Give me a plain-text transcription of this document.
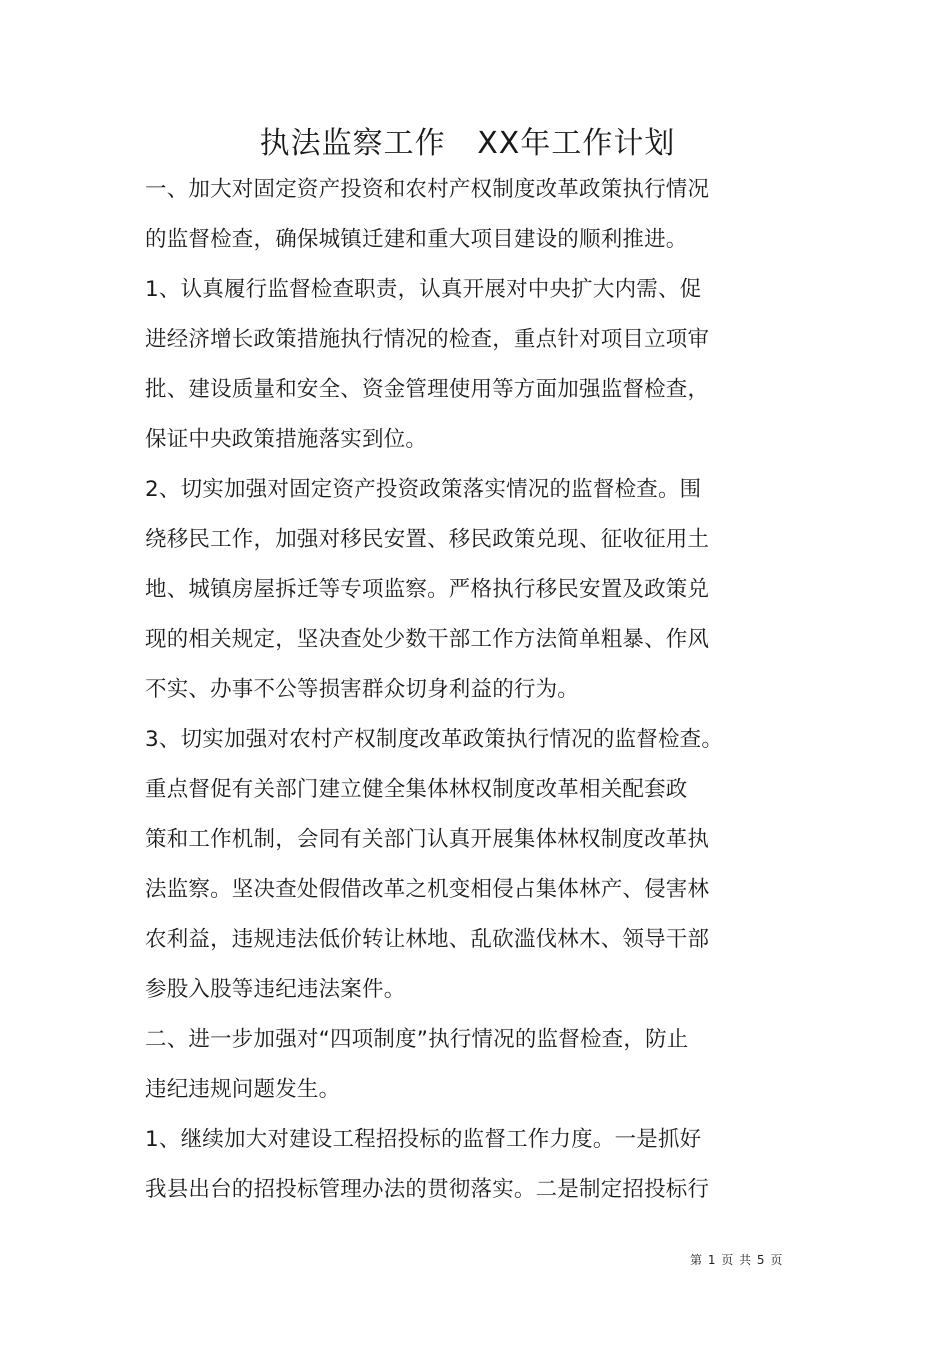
执法监察工作   XX年工作计划
一、加大对固定资产投资和农村产权制度改革政策执行情况
的监督检查，确保城镇迁建和重大项目建设的顺利推进。
1、认真履行监督检查职责，认真开展对中央扩大内需、促
进经济增长政策措施执行情况的检查，重点针对项目立项审
批、建设质量和安全、资金管理使用等方面加强监督检查，
保证中央政策措施落实到位。
2、切实加强对固定资产投资政策落实情况的监督检查。围
绕移民工作，加强对移民安置、移民政策兑现、征收征用土
地、城镇房屋拆迁等专项监察。严格执行移民安置及政策兑
现的相关规定，坚决查处少数干部工作方法简单粗暴、作风
不实、办事不公等损害群众切身利益的行为。
3、切实加强对农村产权制度改革政策执行情况的监督检查。
重点督促有关部门建立健全集体林权制度改革相关配套政
策和工作机制，会同有关部门认真开展集体林权制度改革执
法监察。坚决查处假借改革之机变相侵占集体林产、侵害林
农利益，违规违法低价转让林地、乱砍滥伐林木、领导干部
参股入股等违纪违法案件。
二、进一步加强对“四项制度”执行情况的监督检查，防止
违纪违规问题发生。
1、继续加大对建设工程招投标的监督工作力度。一是抓好
我县出台的招投标管理办法的贯彻落实。二是制定招投标行
第 1 页 共 5 页
